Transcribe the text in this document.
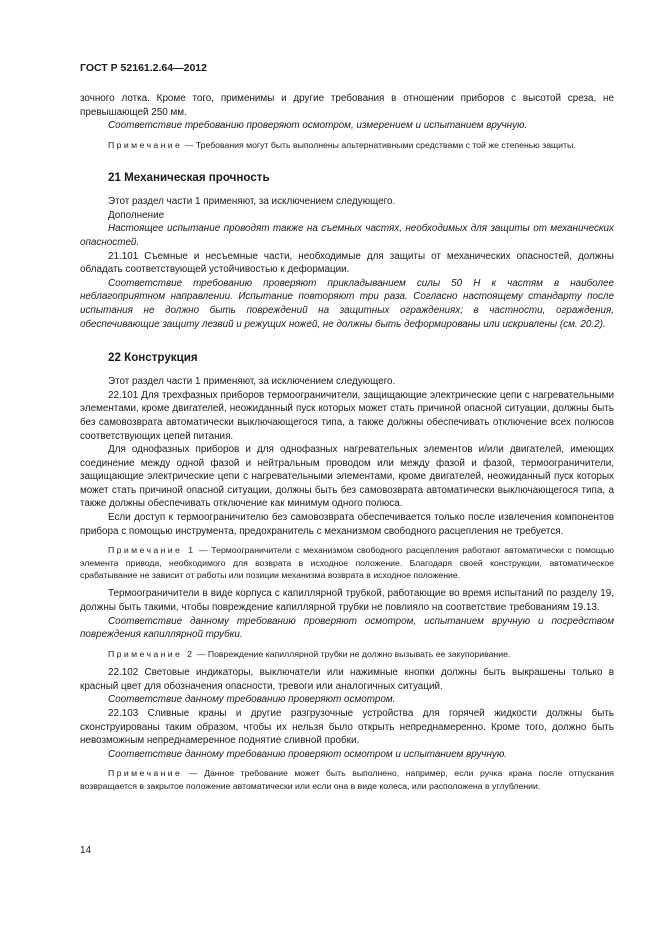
ГОСТ Р 52161.2.64—2012

зочного лотка. Кроме того, применимы и другие требования в отношении приборов с высотой среза, не превышающей 250 мм.

Соответствие требованию проверяют осмотром, измерением и испытанием вручную.

Примечание — Требования могут быть выполнены альтернативными средствами с той же степенью защиты.

21 Механическая прочность

Этот раздел части 1 применяют, за исключением следующего.

Дополнение

Настоящее испытание проводят также на съемных частях, необходимых для защиты от механических опасностей.

21.101 Съемные и несъемные части, необходимые для защиты от механических опасностей, должны обладать соответствующей устойчивостью к деформации.

Соответствие требованию проверяют прикладыванием силы 50 Н к частям в наиболее неблагоприятном направлении. Испытание повторяют три раза. Согласно настоящему стандарту после испытания не должно быть повреждений на защитных ограждениях; в частности, ограждения, обеспечивающие защиту лезвий и режущих ножей, не должны быть деформированы или искривлены (см. 20.2).

22 Конструкция

Этот раздел части 1 применяют, за исключением следующего.

22.101 Для трехфазных приборов термоограничители, защищающие электрические цепи с нагревательными элементами, кроме двигателей, неожиданный пуск которых может стать причиной опасной ситуации, должны быть без самовозврата автоматически выключающегося типа, а также должны обеспечивать отключение всех полюсов соответствующих цепей питания.

Для однофазных приборов и для однофазных нагревательных элементов и/или двигателей, имеющих соединение между одной фазой и нейтральным проводом или между фазой и фазой, термоограничители, защищающие электрические цепи с нагревательными элементами, кроме двигателей, неожиданный пуск которых может стать причиной опасной ситуации, должны быть без самовозврата автоматически выключающегося типа, а также должны обеспечивать отключение как минимум одного полюса.

Если доступ к термоограничителю без самовозврата обеспечивается только после извлечения компонентов прибора с помощью инструмента, предохранитель с механизмом свободного расцепления не требуется.

Примечание 1 — Термоограничители с механизмом свободного расцепления работают автоматически с помощью элемента привода, необходимого для возврата в исходное положение. Благодаря своей конструкции, автоматическое срабатывание не зависит от работы или позиции механизма возврата в исходное положение.

Термоограничители в виде корпуса с капиллярной трубкой, работающие во время испытаний по разделу 19, должны быть такими, чтобы повреждение капиллярной трубки не повлияло на соответствие требованиям 19.13.

Соответствие данному требованию проверяют осмотром, испытанием вручную и посредством повреждения капиллярной трубки.

Примечание 2 — Повреждение капиллярной трубки не должно вызывать ее закупоривание.

22.102 Световые индикаторы, выключатели или нажимные кнопки должны быть выкрашены только в красный цвет для обозначения опасности, тревоги или аналогичных ситуаций.

Соответствие данному требованию проверяют осмотром.

22.103 Сливные краны и другие разгрузочные устройства для горячей жидкости должны быть сконструированы таким образом, чтобы их нельзя было открыть непреднамеренно. Кроме того, должно быть невозможным непреднамеренное поднятие сливной пробки.

Соответствие данному требованию проверяют осмотром и испытанием вручную.

Примечание — Данное требование может быть выполнено, например, если ручка крана после отпускания возвращается в закрытое положение автоматически или если она в виде колеса, или расположена в углублении.

14
